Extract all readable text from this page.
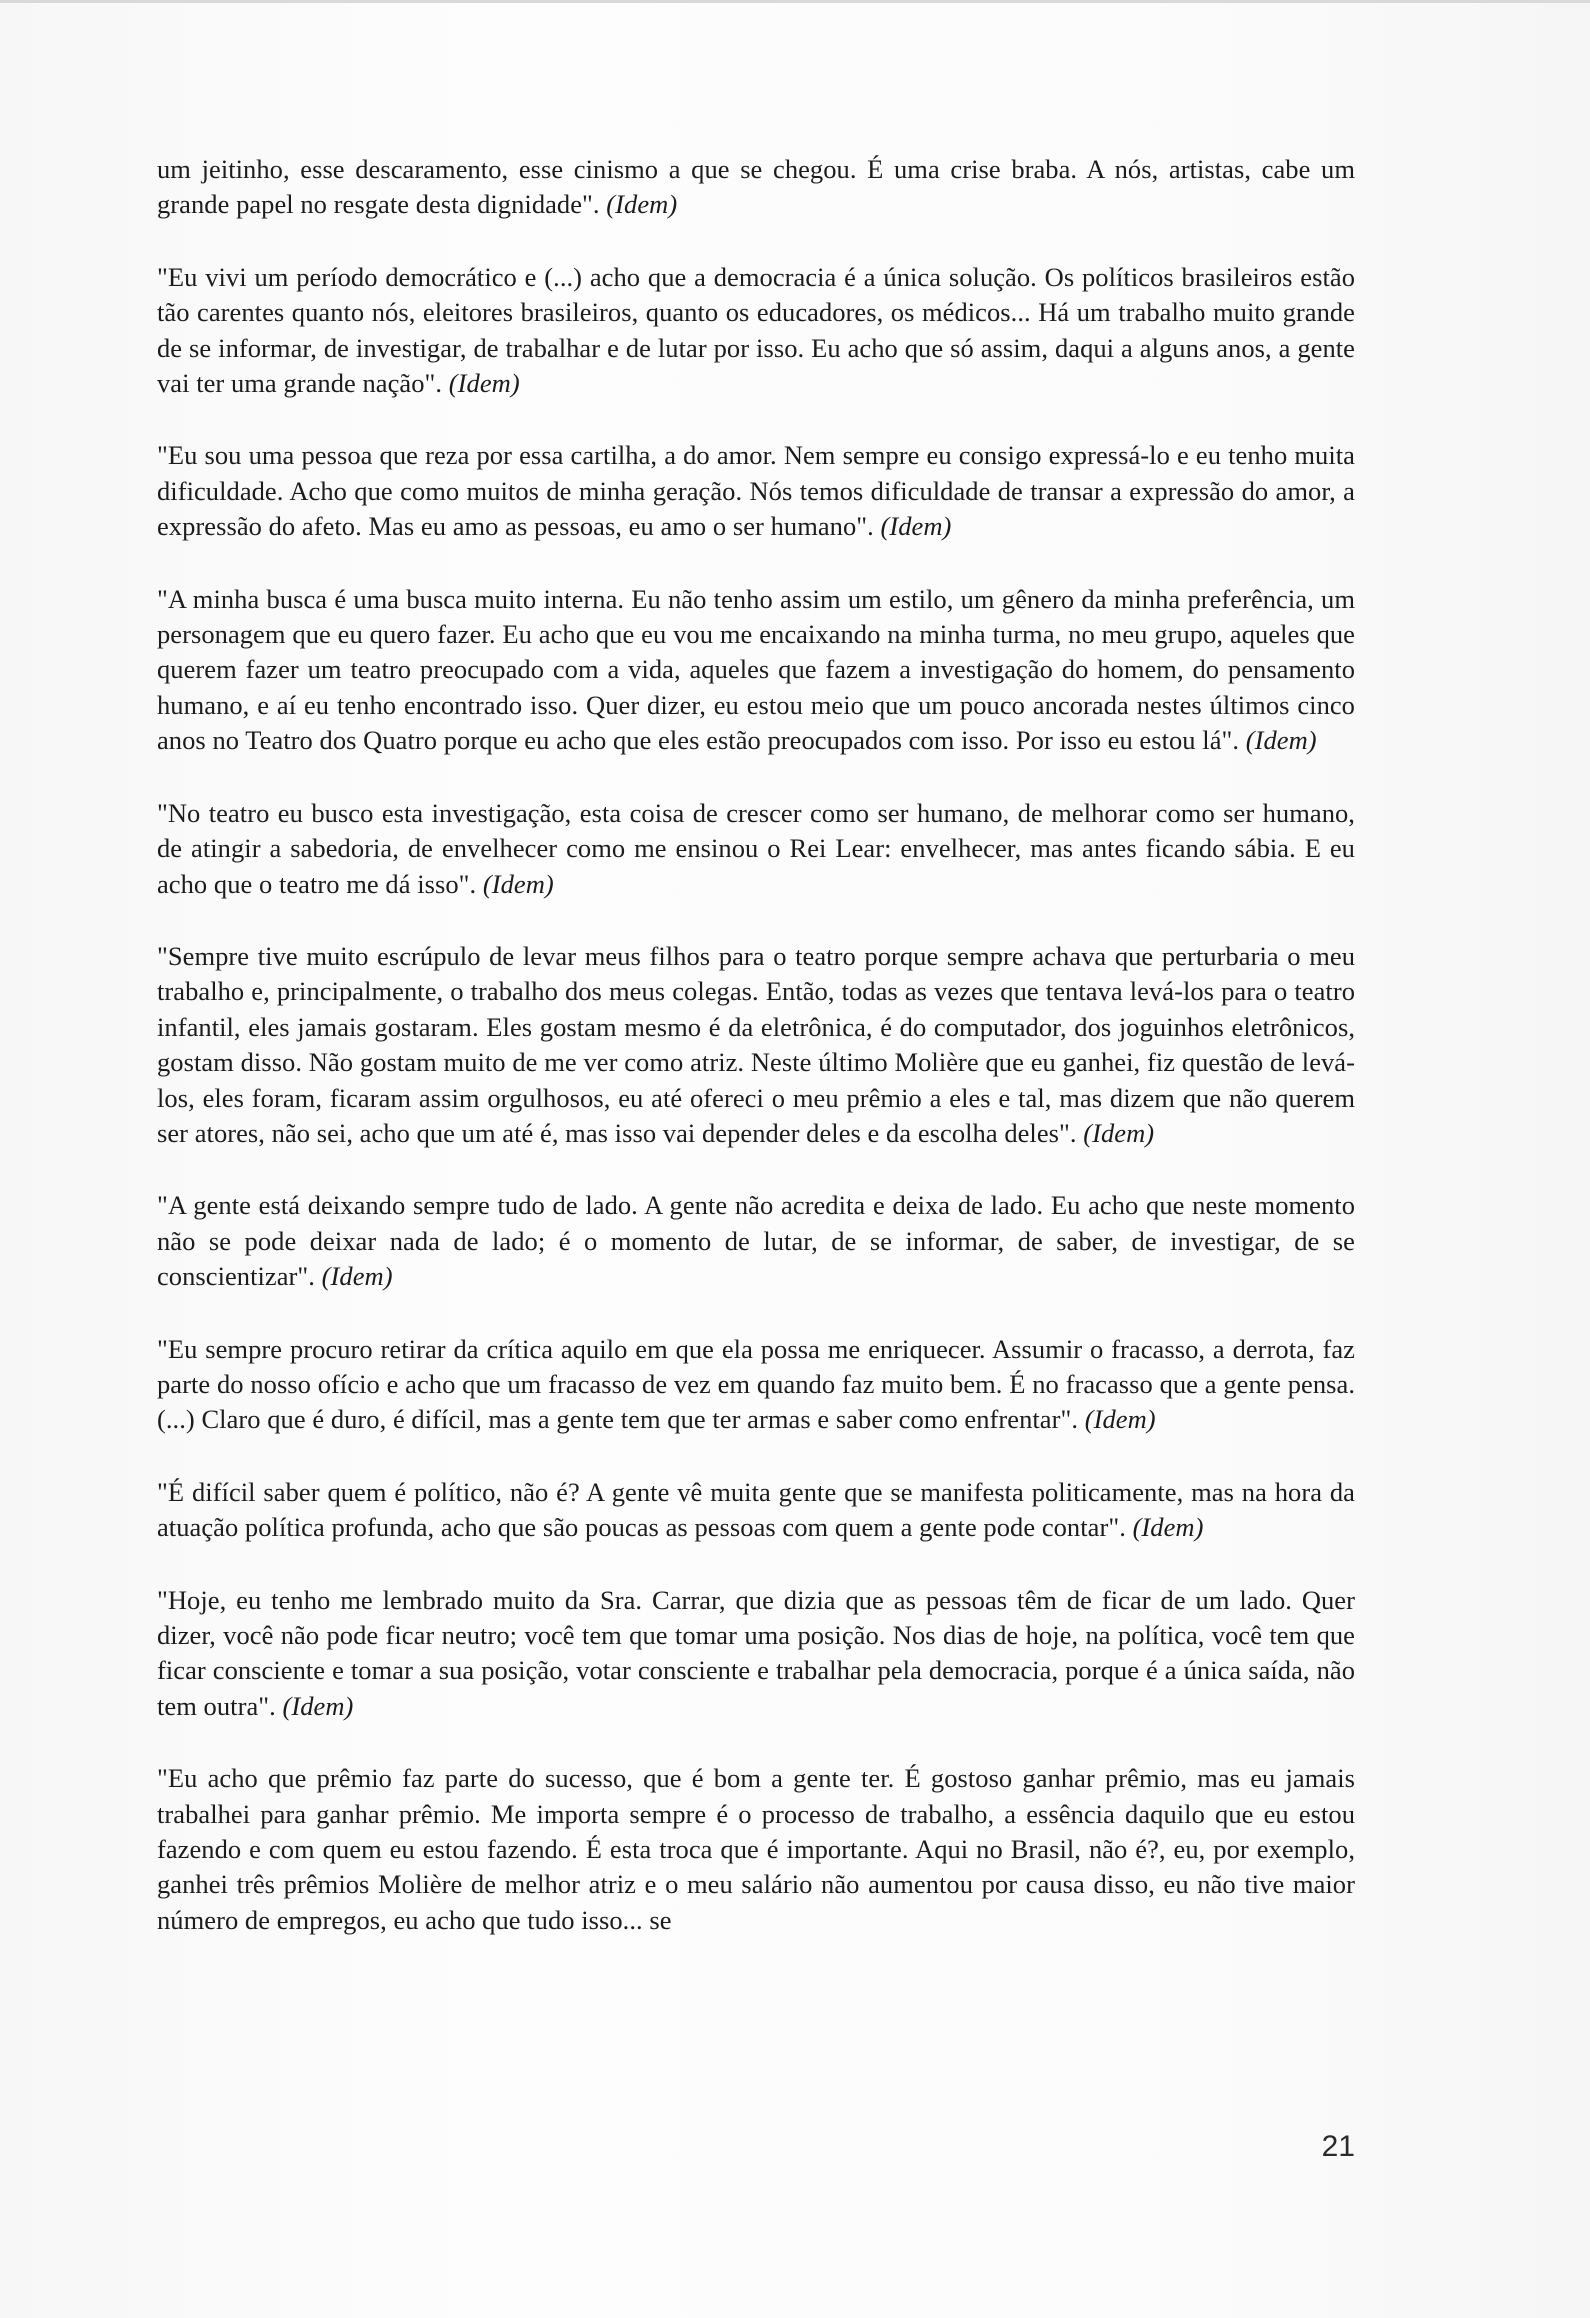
um jeitinho, esse descaramento, esse cinismo a que se chegou. É uma crise braba. A nós, artistas, cabe um grande papel no resgate desta dignidade". (Idem)

"Eu vivi um período democrático e (...) acho que a democracia é a única solução. Os políticos brasileiros estão tão carentes quanto nós, eleitores brasileiros, quanto os educadores, os médicos... Há um trabalho muito grande de se informar, de investigar, de trabalhar e de lutar por isso. Eu acho que só assim, daqui a alguns anos, a gente vai ter uma grande nação". (Idem)

"Eu sou uma pessoa que reza por essa cartilha, a do amor. Nem sempre eu consigo expressá-lo e eu tenho muita dificuldade. Acho que como muitos de minha geração. Nós temos dificuldade de transar a expressão do amor, a expressão do afeto. Mas eu amo as pessoas, eu amo o ser humano". (Idem)

"A minha busca é uma busca muito interna. Eu não tenho assim um estilo, um gênero da minha preferência, um personagem que eu quero fazer. Eu acho que eu vou me encaixando na minha turma, no meu grupo, aqueles que querem fazer um teatro preocupado com a vida, aqueles que fazem a investigação do homem, do pensamento humano, e aí eu tenho encontrado isso. Quer dizer, eu estou meio que um pouco ancorada nestes últimos cinco anos no Teatro dos Quatro porque eu acho que eles estão preocupados com isso. Por isso eu estou lá". (Idem)

"No teatro eu busco esta investigação, esta coisa de crescer como ser humano, de melhorar como ser humano, de atingir a sabedoria, de envelhecer como me ensinou o Rei Lear: envelhecer, mas antes ficando sábia. E eu acho que o teatro me dá isso". (Idem)

"Sempre tive muito escrúpulo de levar meus filhos para o teatro porque sempre achava que perturbaria o meu trabalho e, principalmente, o trabalho dos meus colegas. Então, todas as vezes que tentava levá-los para o teatro infantil, eles jamais gostaram. Eles gostam mesmo é da eletrônica, é do computador, dos joguinhos eletrônicos, gostam disso. Não gostam muito de me ver como atriz. Neste último Molière que eu ganhei, fiz questão de levá-los, eles foram, ficaram assim orgulhosos, eu até ofereci o meu prêmio a eles e tal, mas dizem que não querem ser atores, não sei, acho que um até é, mas isso vai depender deles e da escolha deles". (Idem)

"A gente está deixando sempre tudo de lado. A gente não acredita e deixa de lado. Eu acho que neste momento não se pode deixar nada de lado; é o momento de lutar, de se informar, de saber, de investigar, de se conscientizar". (Idem)

"Eu sempre procuro retirar da crítica aquilo em que ela possa me enriquecer. Assumir o fracasso, a derrota, faz parte do nosso ofício e acho que um fracasso de vez em quando faz muito bem. É no fracasso que a gente pensa. (...) Claro que é duro, é difícil, mas a gente tem que ter armas e saber como enfrentar". (Idem)

"É difícil saber quem é político, não é? A gente vê muita gente que se manifesta politicamente, mas na hora da atuação política profunda, acho que são poucas as pessoas com quem a gente pode contar". (Idem)

"Hoje, eu tenho me lembrado muito da Sra. Carrar, que dizia que as pessoas têm de ficar de um lado. Quer dizer, você não pode ficar neutro; você tem que tomar uma posição. Nos dias de hoje, na política, você tem que ficar consciente e tomar a sua posição, votar consciente e trabalhar pela democracia, porque é a única saída, não tem outra". (Idem)

"Eu acho que prêmio faz parte do sucesso, que é bom a gente ter. É gostoso ganhar prêmio, mas eu jamais trabalhei para ganhar prêmio. Me importa sempre é o processo de trabalho, a essência daquilo que eu estou fazendo e com quem eu estou fazendo. É esta troca que é importante. Aqui no Brasil, não é?, eu, por exemplo, ganhei três prêmios Molière de melhor atriz e o meu salário não aumentou por causa disso, eu não tive maior número de empregos, eu acho que tudo isso... se

21
